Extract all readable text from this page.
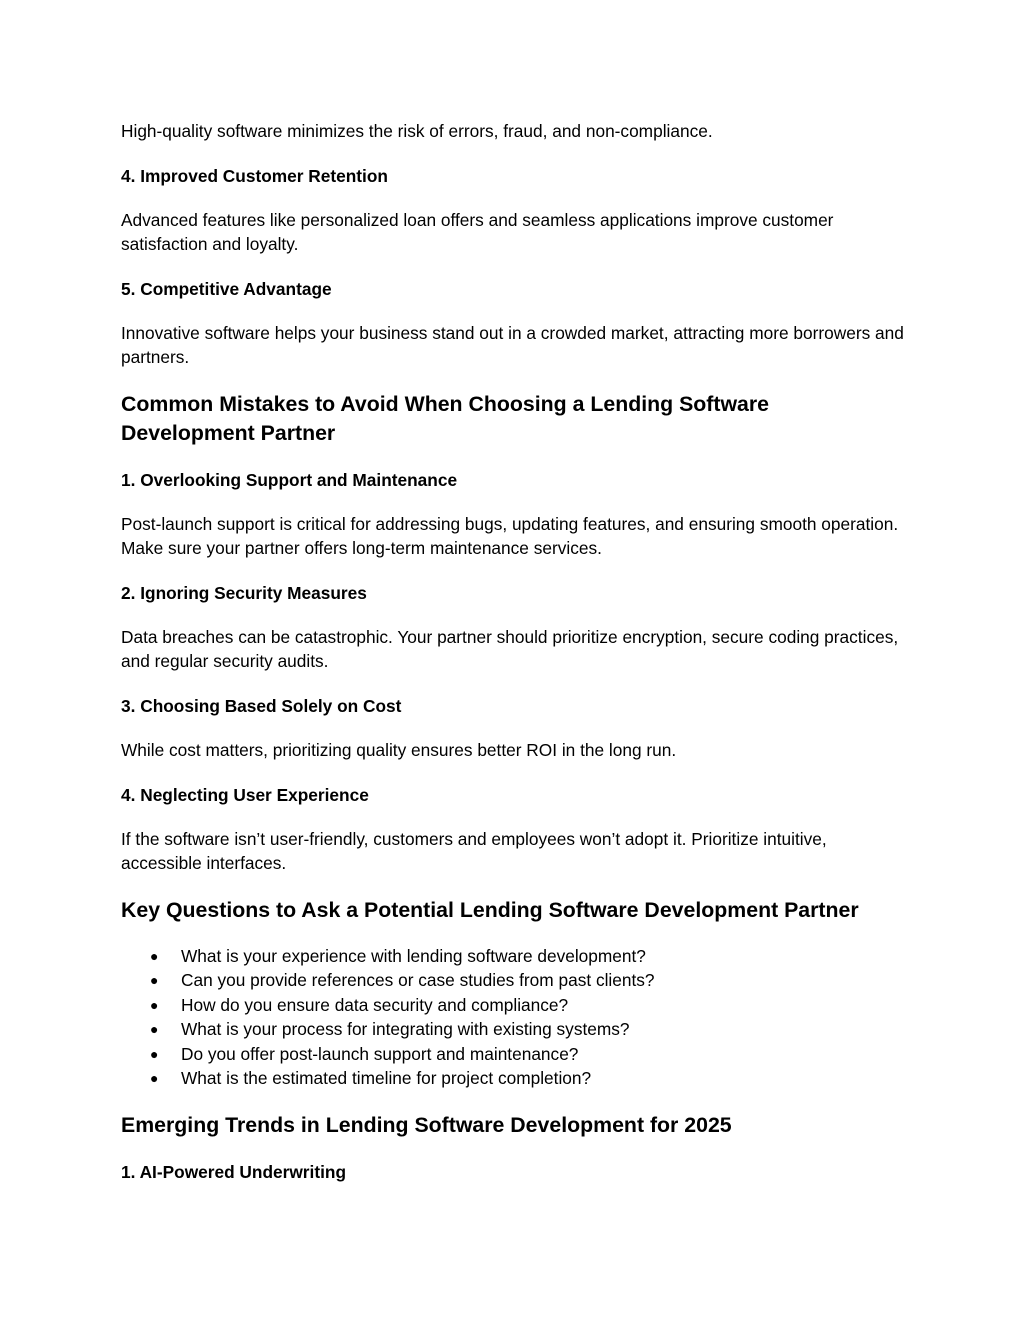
High-quality software minimizes the risk of errors, fraud, and non-compliance.

4. Improved Customer Retention

Advanced features like personalized loan offers and seamless applications improve customer satisfaction and loyalty.

5. Competitive Advantage

Innovative software helps your business stand out in a crowded market, attracting more borrowers and partners.

Common Mistakes to Avoid When Choosing a Lending Software Development Partner
1. Overlooking Support and Maintenance

Post-launch support is critical for addressing bugs, updating features, and ensuring smooth operation. Make sure your partner offers long-term maintenance services.

2. Ignoring Security Measures

Data breaches can be catastrophic. Your partner should prioritize encryption, secure coding practices, and regular security audits.

3. Choosing Based Solely on Cost

While cost matters, prioritizing quality ensures better ROI in the long run.

4. Neglecting User Experience

If the software isn’t user-friendly, customers and employees won’t adopt it. Prioritize intuitive, accessible interfaces.

Key Questions to Ask a Potential Lending Software Development Partner
● What is your experience with lending software development?
● Can you provide references or case studies from past clients?
● How do you ensure data security and compliance?
● What is your process for integrating with existing systems?
● Do you offer post-launch support and maintenance?
● What is the estimated timeline for project completion?
Emerging Trends in Lending Software Development for 2025
1. AI-Powered Underwriting
